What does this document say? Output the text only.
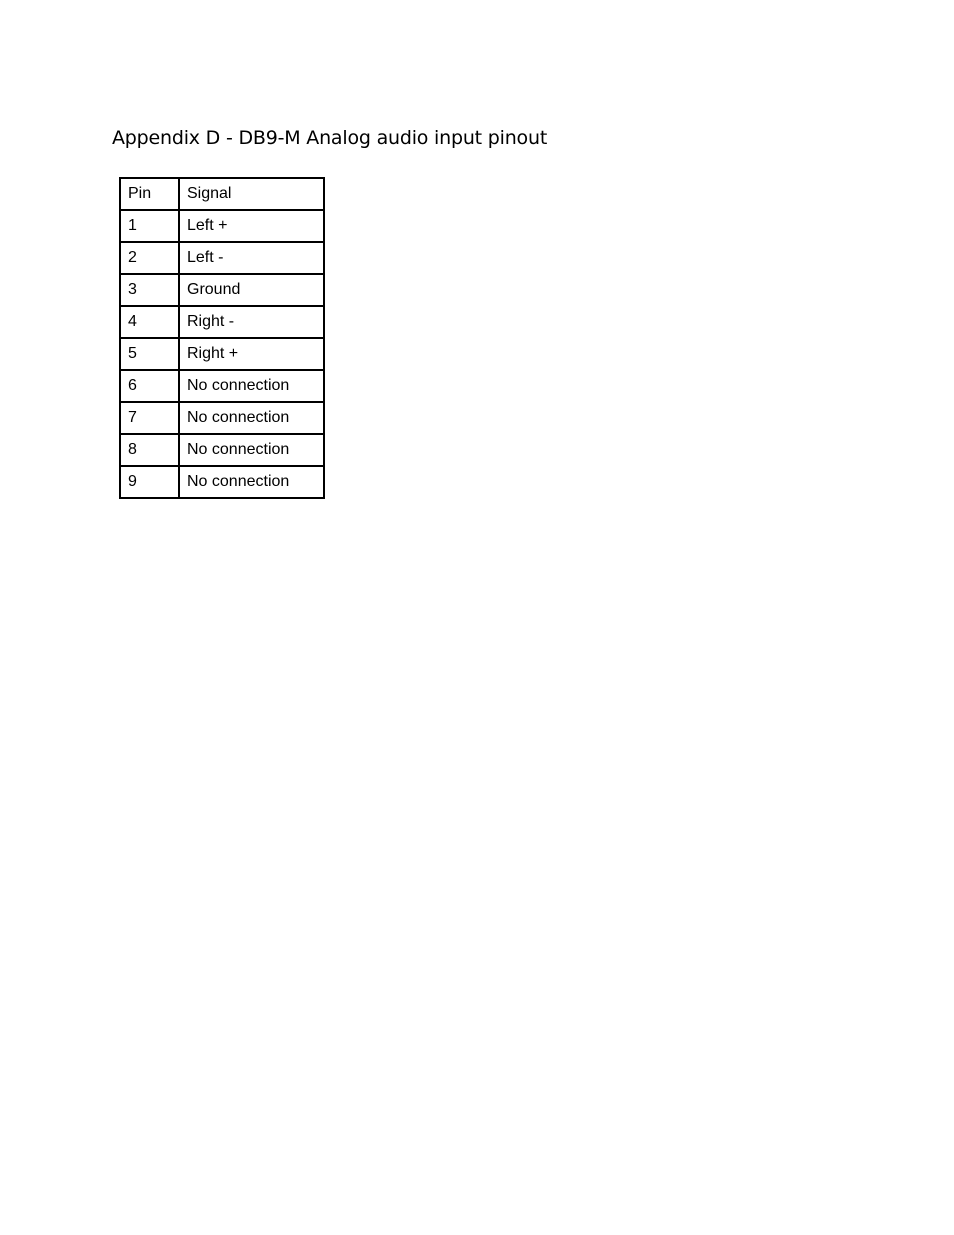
Appendix D - DB9-M Analog audio input pinout
Pin	Signal
1	Left +
2	Left -
3	Ground
4	Right -
5	Right +
6	No connection
7	No connection
8	No connection
9	No connection
